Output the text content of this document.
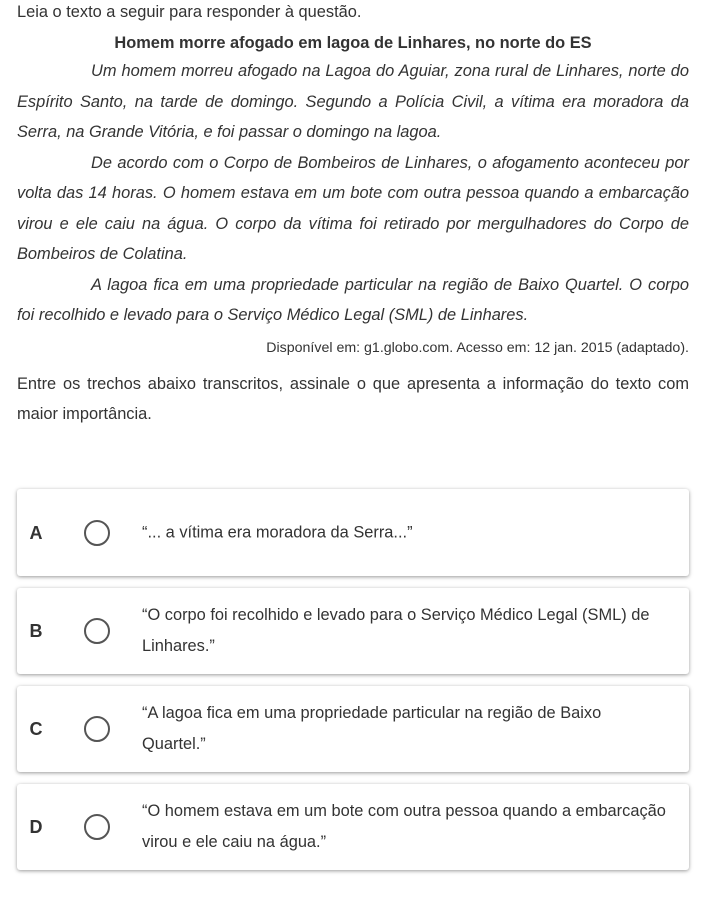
Leia o texto a seguir para responder à questão.

Homem morre afogado em lagoa de Linhares, no norte do ES

Um homem morreu afogado na Lagoa do Aguiar, zona rural de Linhares, norte do Espírito Santo, na tarde de domingo. Segundo a Polícia Civil, a vítima era moradora da Serra, na Grande Vitória, e foi passar o domingo na lagoa.

De acordo com o Corpo de Bombeiros de Linhares, o afogamento aconteceu por volta das 14 horas. O homem estava em um bote com outra pessoa quando a embarcação virou e ele caiu na água. O corpo da vítima foi retirado por mergulhadores do Corpo de Bombeiros de Colatina.

A lagoa fica em uma propriedade particular na região de Baixo Quartel. O corpo foi recolhido e levado para o Serviço Médico Legal (SML) de Linhares.

Disponível em: g1.globo.com. Acesso em: 12 jan. 2015 (adaptado).

Entre os trechos abaixo transcritos, assinale o que apresenta a informação do texto com maior importância.

A	“... a vítima era moradora da Serra...”
B
“O corpo foi recolhido e levado para o Serviço Médico Legal (SML) de Linhares.”
C
“A lagoa fica em uma propriedade particular na região de Baixo Quartel.”
D
“O homem estava em um bote com outra pessoa quando a embarcação virou e ele caiu na água.”
